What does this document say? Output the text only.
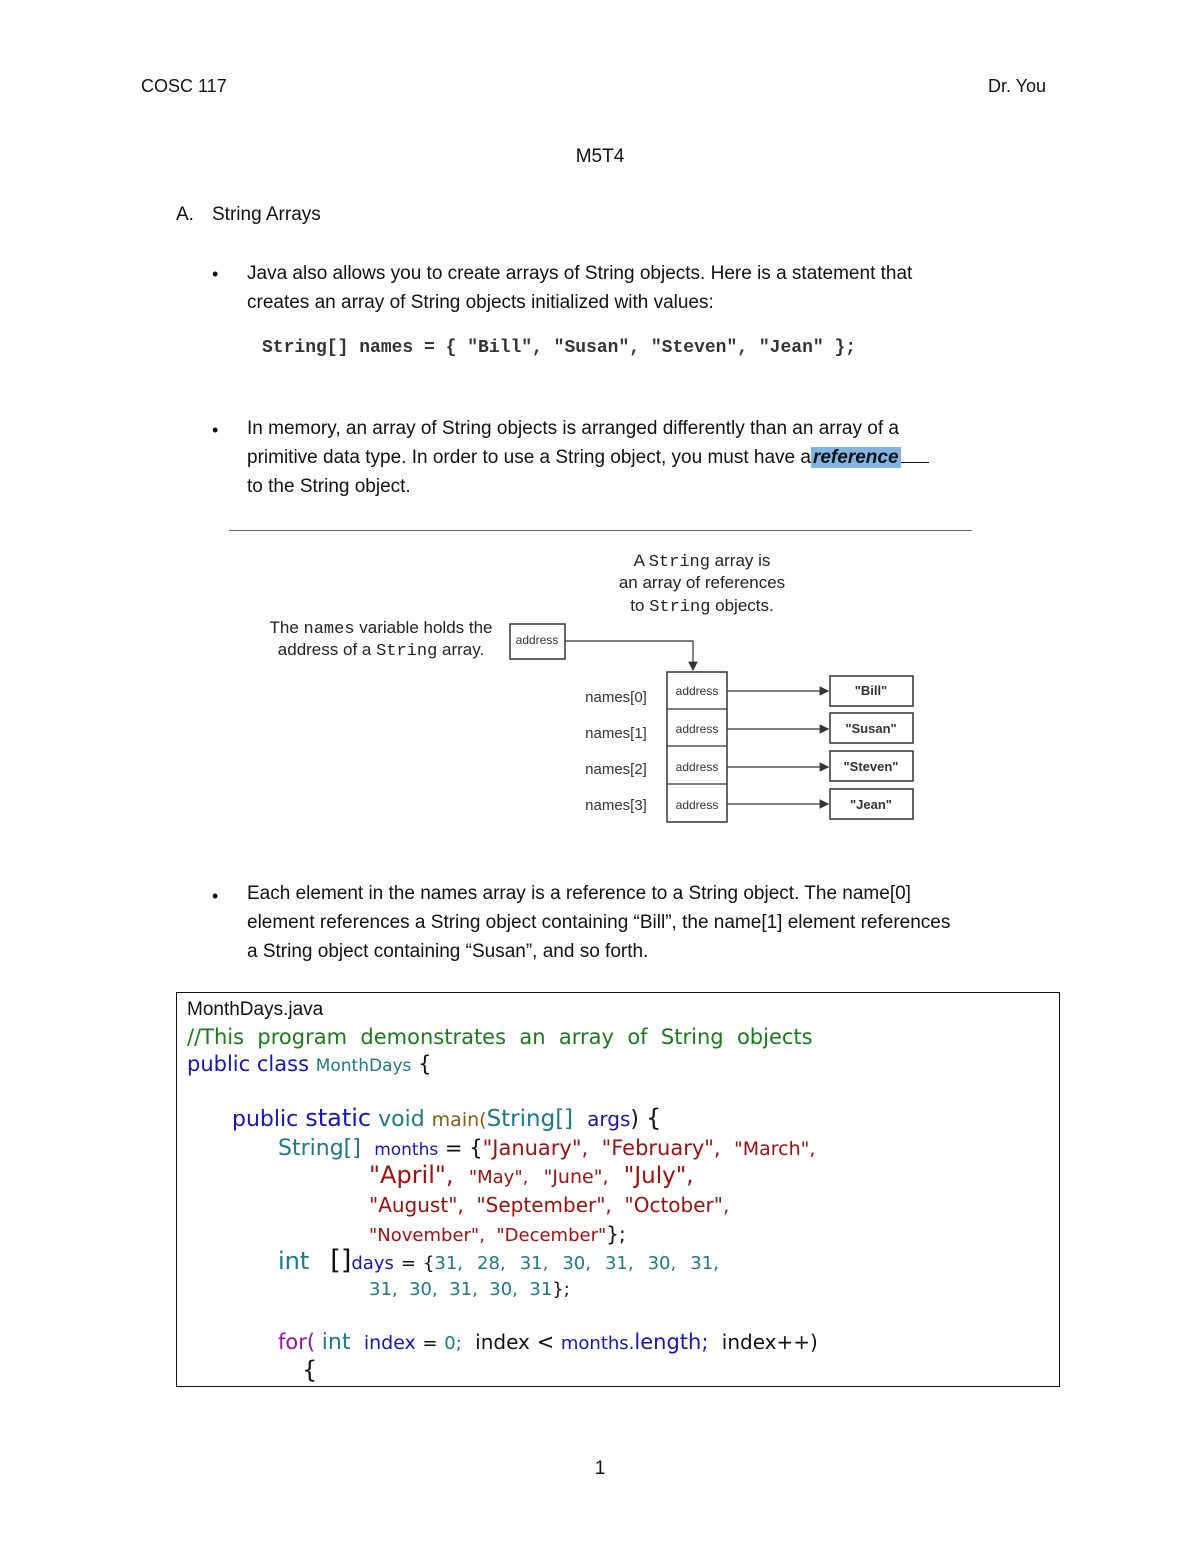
COSC 117	Dr. You
M5T4
A. String Arrays
• Java also allows you to create arrays of String objects. Here is a statement that
creates an array of String objects initialized with values:
String[] names = { "Bill", "Susan", "Steven", "Jean" };
• In memory, an array of String objects is arranged differently than an array of a
primitive data type. In order to use a String object, you must have a reference
to the String object.
A String array is
an array of references
to String objects.
The names variable holds the
address of a String array.	address
names[0] address	"Bill"
names[1] address	"Susan"
names[2] address	"Steven"
names[3] address	"Jean"
• Each element in the names array is a reference to a String object. The name[0]
element references a String object containing “Bill”, the name[1] element references
a String object containing “Susan”, and so forth.
MonthDays.java
//This  program  demonstrates  an  array  of  String  objects
public class MonthDays {
public static void main(String[] args) {
String[] months = {"January", "February", "March",
"April", "May", "June", "July",
"August", "September", "October",
"November", "December"};
int []days = {31, 28, 31, 30, 31, 30, 31,
31, 30, 31, 30, 31};
for( int index = 0; index < months.length; index++)
{
1
